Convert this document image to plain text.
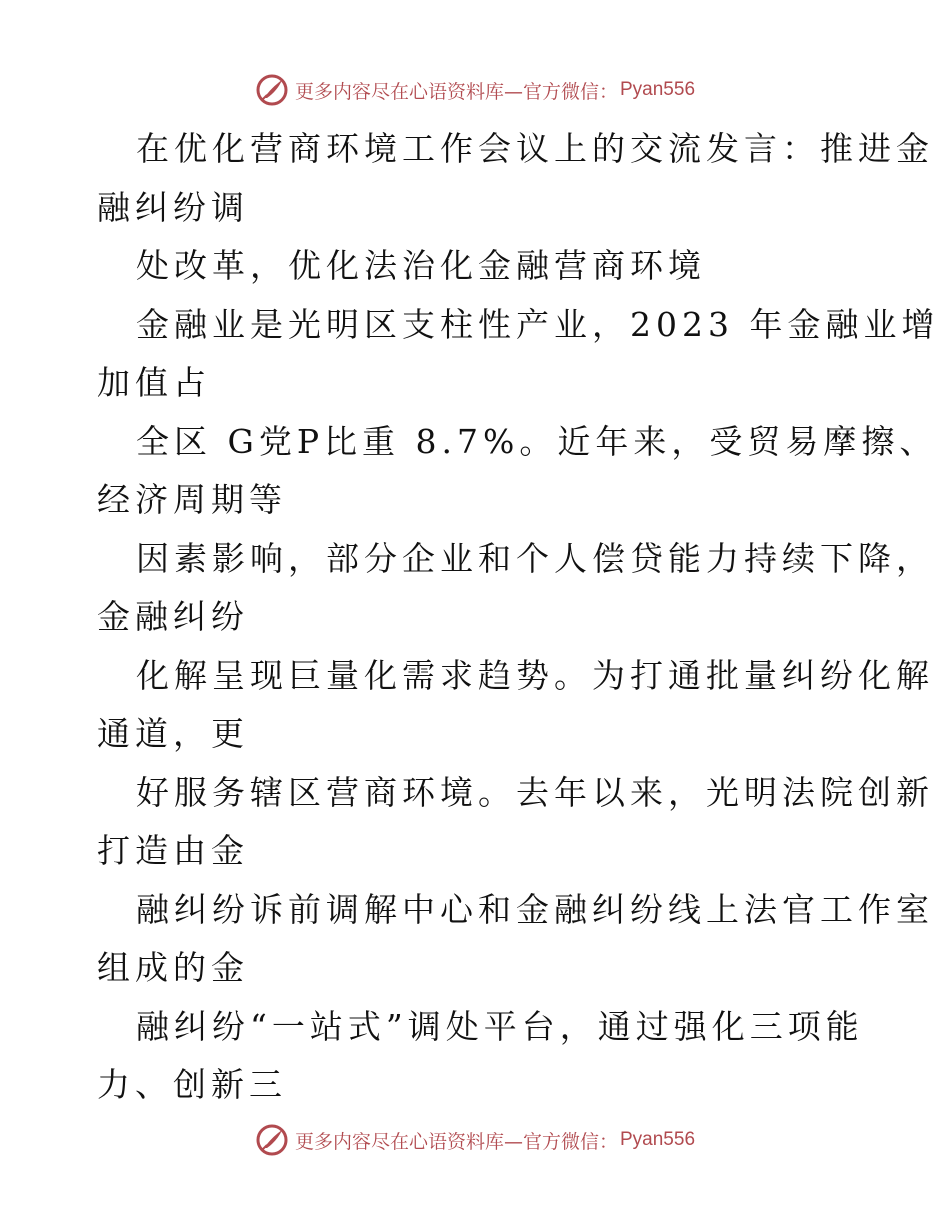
更多内容尽在心语资料库—官方微信： Pyan556
在优化营商环境工作会议上的交流发言：推进金
融纠纷调
处改革，优化法治化金融营商环境
金融业是光明区支柱性产业，2023 年金融业增
加值占
全区 G党P比重 8.7%。近年来，受贸易摩擦、
经济周期等
因素影响，部分企业和个人偿贷能力持续下降，
金融纠纷
化解呈现巨量化需求趋势。为打通批量纠纷化解
通道，更
好服务辖区营商环境。去年以来，光明法院创新
打造由金
融纠纷诉前调解中心和金融纠纷线上法官工作室
组成的金
融纠纷“一站式”调处平台，通过强化三项能
力、创新三
更多内容尽在心语资料库—官方微信： Pyan556
